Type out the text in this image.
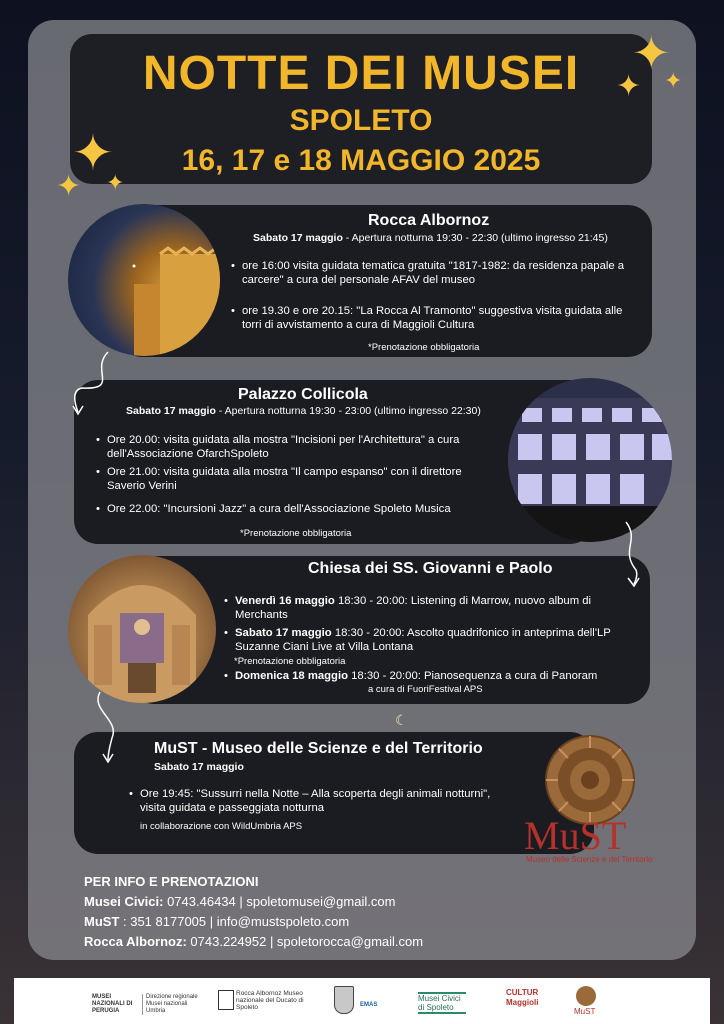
NOTTE DEI MUSEI
SPOLETO
16, 17 e 18 MAGGIO 2025
✦
✦ ✦
✦
✦ ✦
Rocca Albornoz
Sabato 17 maggio - Apertura notturna 19:30 - 22:30 (ultimo ingresso 21:45)
• ore 16:00 visita guidata tematica gratuita "1817-1982: da residenza papale a carcere" a cura del personale AFAV del museo
• ore 19.30 e ore 20.15: "La Rocca Al Tramonto" suggestiva visita guidata alle torri di avvistamento a cura di Maggioli Cultura
*Prenotazione obbligatoria
Palazzo Collicola
Sabato 17 maggio - Apertura notturna 19:30 - 23:00 (ultimo ingresso 22:30)
• Ore 20.00: visita guidata alla mostra "Incisioni per l'Architettura" a cura dell'Associazione OfarchSpoleto
• Ore 21.00: visita guidata alla mostra "Il campo espanso" con il direttore Saverio Verini
• Ore 22.00: "Incursioni Jazz" a cura dell'Associazione Spoleto Musica
*Prenotazione obbligatoria
Chiesa dei SS. Giovanni e Paolo
• Venerdì 16 maggio 18:30 - 20:00: Listening di Marrow, nuovo album di Merchants
• Sabato 17 maggio 18:30 - 20:00: Ascolto quadrifonico in anteprima dell'LP Suzanne Ciani Live at Villa Lontana
*Prenotazione obbligatoria
• Domenica 18 maggio 18:30 - 20:00: Pianosequenza a cura di Panoram
a cura di FuoriFestival APS
MuST - Museo delle Scienze e del Territorio
Sabato 17 maggio
• Ore 19:45: "Sussurri nella Notte – Alla scoperta degli animali notturni", visita guidata e passeggiata notturna
in collaborazione con WildUmbria APS	MuST
Museo delle Scienze e del Territorio
☾
PER INFO E PRENOTAZIONI
Musei Civici: 0743.46434 | spoletomusei@gmail.com
MuST : 351 8177005 | info@mustspoleto.com
Rocca Albornoz: 0743.224952 | spoletorocca@gmail.com
MUSEI NAZIONALI DI PERUGIA
Direzione regionale Musei nazionali Umbria
Rocca Albornoz Museo nazionale del Ducato di Spoleto	EMAS
Musei Civici di Spoleto
CULTUR Maggioli
MuST
